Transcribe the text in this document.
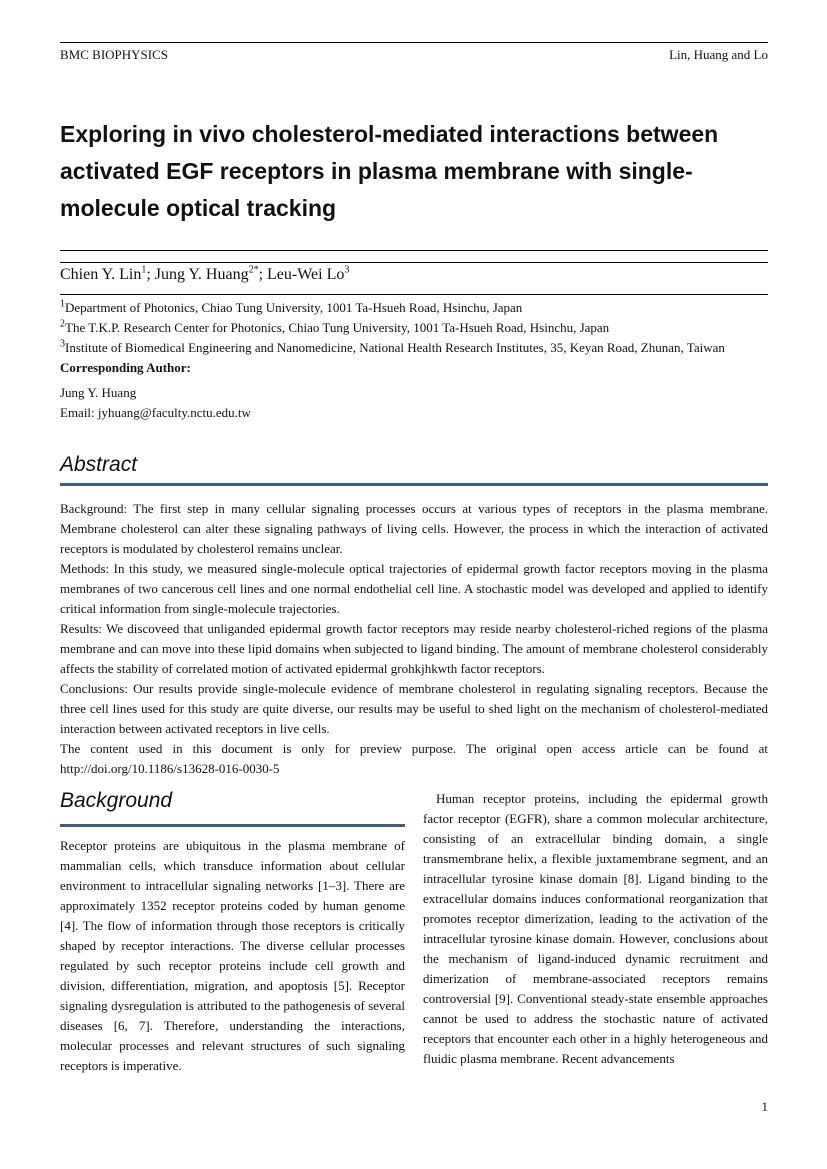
BMC BIOPHYSICS	Lin, Huang and Lo
Exploring in vivo cholesterol-mediated interactions between activated EGF receptors in plasma membrane with single-molecule optical tracking
Chien Y. Lin$^1$; Jung Y. Huang$^{2*}$; Leu-Wei Lo$^3$
$^1$Department of Photonics, Chiao Tung University, 1001 Ta-Hsueh Road, Hsinchu, Japan
$^2$The T.K.P. Research Center for Photonics, Chiao Tung University, 1001 Ta-Hsueh Road, Hsinchu, Japan
$^3$Institute of Biomedical Engineering and Nanomedicine, National Health Research Institutes, 35, Keyan Road, Zhunan, Taiwan
Corresponding Author:
Jung Y. Huang
Email: jyhuang@faculty.nctu.edu.tw
Abstract

Background: The first step in many cellular signaling processes occurs at various types of receptors in the plasma membrane. Membrane cholesterol can alter these signaling pathways of living cells. However, the process in which the interaction of activated receptors is modulated by cholesterol remains unclear.

Methods: In this study, we measured single-molecule optical trajectories of epidermal growth factor receptors moving in the plasma membranes of two cancerous cell lines and one normal endothelial cell line. A stochastic model was developed and applied to identify critical information from single-molecule trajectories.

Results: We discoveed that unliganded epidermal growth factor receptors may reside nearby cholesterol-riched regions of the plasma membrane and can move into these lipid domains when subjected to ligand binding. The amount of membrane cholesterol considerably affects the stability of correlated motion of activated epidermal grohkjhkwth factor receptors.

Conclusions: Our results provide single-molecule evidence of membrane cholesterol in regulating signaling receptors. Because the three cell lines used for this study are quite diverse, our results may be useful to shed light on the mechanism of cholesterol-mediated interaction between activated receptors in live cells.

The content used in this document is only for preview purpose. The original open access article can be found at http://doi.org/10.1186/s13628-016-0030-5

Background

Receptor proteins are ubiquitous in the plasma membrane of mammalian cells, which transduce information about cellular environment to intracellular signaling networks [1–3]. There are approximately 1352 receptor proteins coded by human genome [4]. The flow of information through those receptors is critically shaped by receptor interactions. The diverse cellular processes regulated by such receptor proteins include cell growth and division, differentiation, migration, and apoptosis [5]. Receptor signaling dysregulation is attributed to the pathogenesis of several diseases [6, 7]. Therefore, understanding the interactions, molecular processes and relevant structures of such signaling receptors is imperative.

Human receptor proteins, including the epidermal growth factor receptor (EGFR), share a common molecular architecture, consisting of an extracellular binding domain, a single transmembrane helix, a flexible juxtamembrane segment, and an intracellular tyrosine kinase domain [8]. Ligand binding to the extracellular domains induces conformational reorganization that promotes receptor dimerization, leading to the activation of the intracellular tyrosine kinase domain. However, conclusions about the mechanism of ligand-induced dynamic recruitment and dimerization of membrane-associated receptors remains controversial [9]. Conventional steady-state ensemble approaches cannot be used to address the stochastic nature of activated receptors that encounter each other in a highly heterogeneous and fluidic plasma membrane. Recent advancements

1
